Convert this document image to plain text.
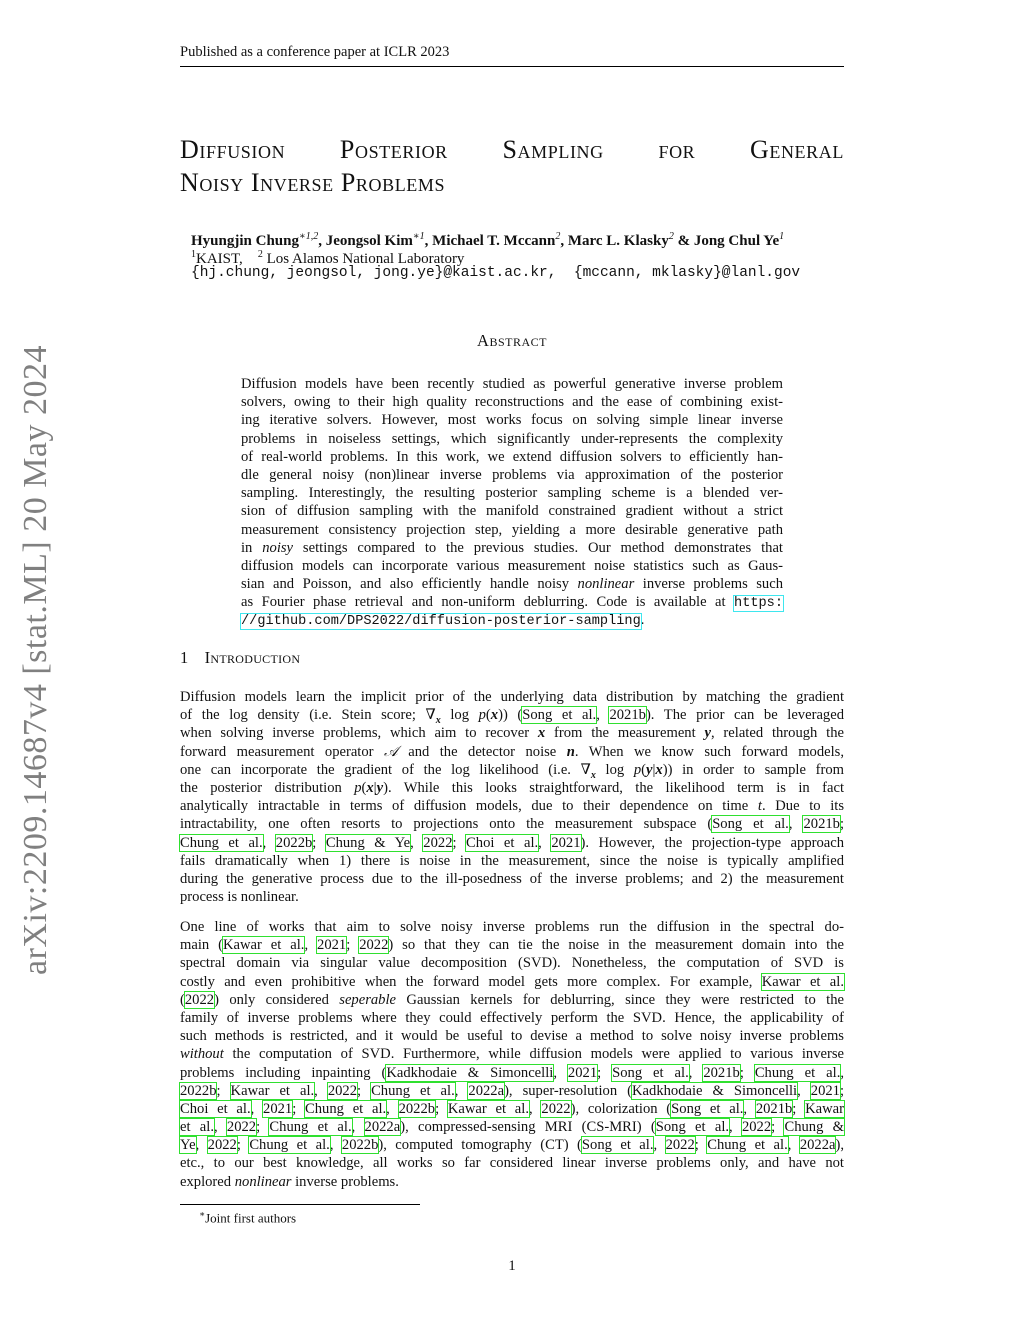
Published as a conference paper at ICLR 2023
Diffusion Posterior Sampling for General
Noisy Inverse Problems
Hyungjin Chung$^{∗1,2}$, Jeongsol Kim$^{∗1}$, Michael T. Mccann$^2$, Marc L. Klasky$^2$ & Jong Chul Ye$^1$
$^1$KAIST, $^2$ Los Alamos National Laboratory
{hj.chung, jeongsol, jong.ye}@kaist.ac.kr,  {mccann, mklasky}@lanl.gov
Abstract
Diffusion models have been recently studied as powerful generative inverse problem
solvers, owing to their high quality reconstructions and the ease of combining exist-
ing iterative solvers. However, most works focus on solving simple linear inverse
problems in noiseless settings, which significantly under-represents the complexity
of real-world problems. In this work, we extend diffusion solvers to efficiently han-
dle general noisy (non)linear inverse problems via approximation of the posterior
sampling. Interestingly, the resulting posterior sampling scheme is a blended ver-
sion of diffusion sampling with the manifold constrained gradient without a strict
measurement consistency projection step, yielding a more desirable generative path
in noisy settings compared to the previous studies. Our method demonstrates that
diffusion models can incorporate various measurement noise statistics such as Gaus-
sian and Poisson, and also efficiently handle noisy nonlinear inverse problems such
as Fourier phase retrieval and non-uniform deblurring. Code is available at https:
//github.com/DPS2022/diffusion-posterior-sampling.
1 Introduction
Diffusion models learn the implicit prior of the underlying data distribution by matching the gradient
of the log density (i.e. Stein score; $\nabla_x$ log p(x)) (Song et al., 2021b). The prior can be leveraged
when solving inverse problems, which aim to recover x from the measurement y, related through the
forward measurement operator 𝒜 and the detector noise n. When we know such forward models,
one can incorporate the gradient of the log likelihood (i.e. $\nabla_x$ log p(y|x)) in order to sample from
the posterior distribution p(x|y). While this looks straightforward, the likelihood term is in fact
analytically intractable in terms of diffusion models, due to their dependence on time t. Due to its
intractability, one often resorts to projections onto the measurement subspace (Song et al., 2021b;
Chung et al., 2022b; Chung & Ye, 2022; Choi et al., 2021). However, the projection-type approach
fails dramatically when 1) there is noise in the measurement, since the noise is typically amplified
during the generative process due to the ill-posedness of the inverse problems; and 2) the measurement
process is nonlinear.
One line of works that aim to solve noisy inverse problems run the diffusion in the spectral do-
main (Kawar et al., 2021; 2022) so that they can tie the noise in the measurement domain into the
spectral domain via singular value decomposition (SVD). Nonetheless, the computation of SVD is
costly and even prohibitive when the forward model gets more complex. For example, Kawar et al.
(2022) only considered seperable Gaussian kernels for deblurring, since they were restricted to the
family of inverse problems where they could effectively perform the SVD. Hence, the applicability of
such methods is restricted, and it would be useful to devise a method to solve noisy inverse problems
without the computation of SVD. Furthermore, while diffusion models were applied to various inverse
problems including inpainting (Kadkhodaie & Simoncelli, 2021; Song et al., 2021b; Chung et al.,
2022b; Kawar et al., 2022; Chung et al., 2022a), super-resolution (Kadkhodaie & Simoncelli, 2021;
Choi et al., 2021; Chung et al., 2022b; Kawar et al., 2022), colorization (Song et al., 2021b; Kawar
et al., 2022; Chung et al., 2022a), compressed-sensing MRI (CS-MRI) (Song et al., 2022; Chung &
Ye, 2022; Chung et al., 2022b), computed tomography (CT) (Song et al., 2022; Chung et al., 2022a),
etc., to our best knowledge, all works so far considered linear inverse problems only, and have not
explored nonlinear inverse problems.
∗Joint first authors
1
arXiv:2209.14687v4 [stat.ML] 20 May 2024
